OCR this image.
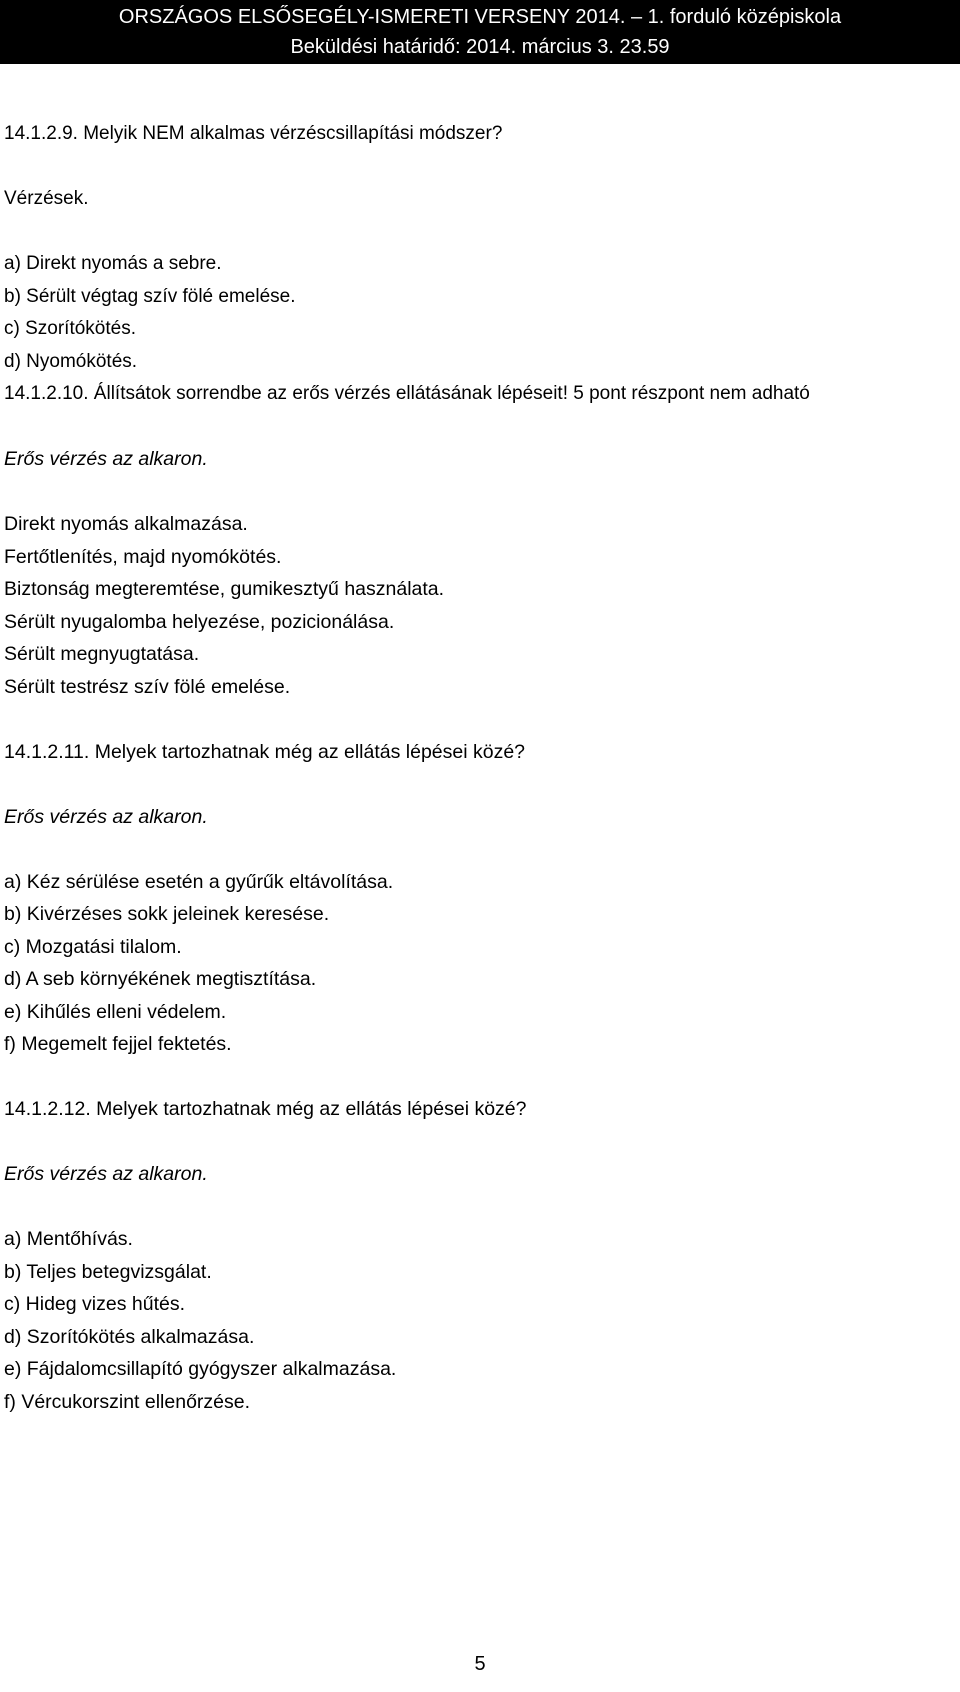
ORSZÁGOS ELSŐSEGÉLY-ISMERETI VERSENY 2014. – 1. forduló középiskola
Beküldési határidő: 2014. március 3. 23.59
14.1.2.9. Melyik NEM alkalmas vérzéscsillapítási módszer?
Vérzések.
a) Direkt nyomás a sebre.
b) Sérült végtag szív fölé emelése.
c) Szorítókötés.
d) Nyomókötés.
14.1.2.10. Állítsátok sorrendbe az erős vérzés ellátásának lépéseit! 5 pont részpont nem adható
Erős vérzés az alkaron.
Direkt nyomás alkalmazása.
Fertőtlenítés, majd nyomókötés.
Biztonság megteremtése, gumikesztyű használata.
Sérült nyugalomba helyezése, pozicionálása.
Sérült megnyugtatása.
Sérült testrész szív fölé emelése.
14.1.2.11. Melyek tartozhatnak még az ellátás lépései közé?
Erős vérzés az alkaron.
a) Kéz sérülése esetén a gyűrűk eltávolítása.
b) Kivérzéses sokk jeleinek keresése.
c) Mozgatási tilalom.
d) A seb környékének megtisztítása.
e) Kihűlés elleni védelem.
f) Megemelt fejjel fektetés.
14.1.2.12. Melyek tartozhatnak még az ellátás lépései közé?
Erős vérzés az alkaron.
a) Mentőhívás.
b) Teljes betegvizsgálat.
c) Hideg vizes hűtés.
d) Szorítókötés alkalmazása.
e) Fájdalomcsillapító gyógyszer alkalmazása.
f) Vércukorszint ellenőrzése.
5
